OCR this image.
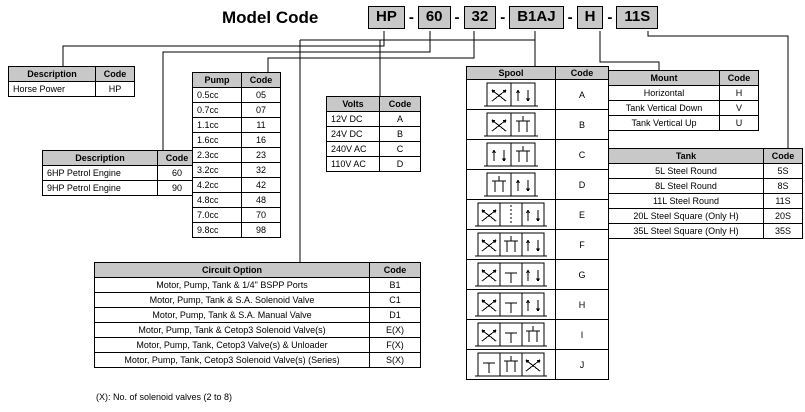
Model Code	HP - 60 - 32 - B1AJ - H - 11S
Description	Code
Horse Power	HP
Description	Code
6HP Petrol Engine	60
9HP Petrol Engine	90
Pump	Code
0.5cc	05
0.7cc	07
1.1cc	11
1.6cc	16
2.3cc	23
3.2cc	32
4.2cc	42
4.8cc	48
7.0cc	70
9.8cc	98
Volts	Code
12V DC	A
24V DC	B
240V AC	C
110V AC	D
Circuit Option	Code
Motor, Pump, Tank & 1/4" BSPP Ports	B1
Motor, Pump, Tank & S.A. Solenoid Valve	C1
Motor, Pump, Tank & S.A. Manual Valve	D1
Motor, Pump, Tank & Cetop3 Solenoid Valve(s)	E(X)
Motor, Pump, Tank, Cetop3 Valve(s) & Unloader	F(X)
Motor, Pump, Tank, Cetop3 Solenoid Valve(s) (Series)	S(X)
(X): No. of solenoid valves (2 to 8)
Mount	Code
Horizontal	H
Tank Vertical Down	V
Tank Vertical Up	U
Tank	Code
5L Steel Round	5S
8L Steel Round	8S
11L Steel Round	11S
20L Steel Square (Only H)	20S
35L Steel Square (Only H)	35S
Spool	Code

	A

	B

	C

	D

	E

	F

	G

	H

	I

	J
